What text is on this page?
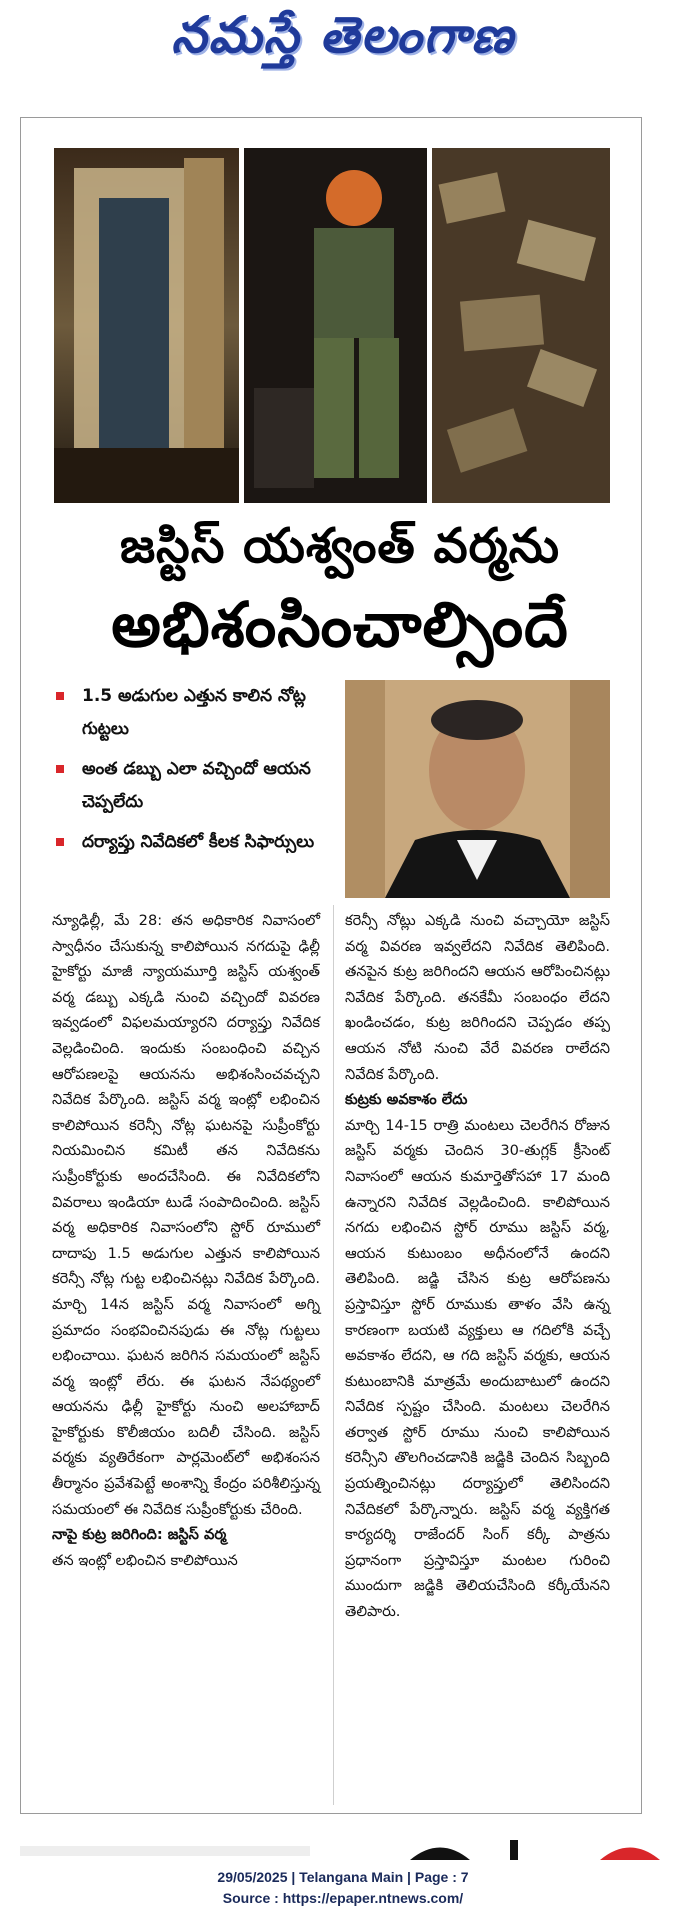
నమస్తే తెలంగాణ
జస్టిస్ యశ్వంత్ వర్మను
అభిశంసించాల్సిందే
1.5 అడుగుల ఎత్తున కాలిన నోట్ల గుట్టలు
అంత డబ్బు ఎలా వచ్చిందో ఆయన చెప్పలేదు
దర్యాప్తు నివేదికలో కీలక సిఫార్సులు

న్యూఢిల్లీ, మే 28: తన అధికారిక నివాసంలో స్వాధీనం చేసుకున్న కాలిపోయిన నగదుపై ఢిల్లీ హైకోర్టు మాజీ న్యాయమూర్తి జస్టిస్ యశ్వంత్ వర్మ డబ్బు ఎక్కడి నుంచి వచ్చిందో వివరణ ఇవ్వడంలో విఫలమయ్యారని దర్యాప్తు నివేదిక వెల్లడించింది. ఇందుకు సంబంధించి వచ్చిన ఆరోపణలపై ఆయనను అభిశంసించవచ్చని నివేదిక పేర్కొంది. జస్టిస్ వర్మ ఇంట్లో లభించిన కాలిపోయిన కరెన్సీ నోట్ల ఘటనపై సుప్రీంకోర్టు నియమించిన కమిటీ తన నివేదికను సుప్రీంకోర్టుకు అందచేసింది. ఈ నివేదికలోని వివరాలు ఇండియా టుడే సంపాదించింది. జస్టిస్ వర్మ అధికారిక నివాసంలోని స్టోర్ రూములో దాదాపు 1.5 అడుగుల ఎత్తున కాలిపోయిన కరెన్సీ నోట్ల గుట్ట లభించినట్లు నివేదిక పేర్కొంది. మార్చి 14న జస్టిస్ వర్మ నివాసంలో అగ్ని ప్రమాదం సంభవించినపుడు ఈ నోట్ల గుట్టలు లభించాయి. ఘటన జరిగిన సమయంలో జస్టిస్ వర్మ ఇంట్లో లేరు. ఈ ఘటన నేపథ్యంలో ఆయనను ఢిల్లీ హైకోర్టు నుంచి అలహాబాద్ హైకోర్టుకు కొలీజియం బదిలీ చేసింది. జస్టిస్ వర్మకు వ్యతిరేకంగా పార్లమెంట్‌లో అభిశంసన తీర్మానం ప్రవేశపెట్టే అంశాన్ని కేంద్రం పరిశీలిస్తున్న సమయంలో ఈ నివేదిక సుప్రీంకోర్టుకు చేరింది.

నాపై కుట్ర జరిగింది: జస్టిస్ వర్మ

తన ఇంట్లో లభించిన కాలిపోయిన

కరెన్సీ నోట్లు ఎక్కడి నుంచి వచ్చాయో జస్టిస్ వర్మ వివరణ ఇవ్వలేదని నివేదిక తెలిపింది. తనపైన కుట్ర జరిగిందని ఆయన ఆరోపించినట్లు నివేదిక పేర్కొంది. తనకేమీ సంబంధం లేదని ఖండించడం, కుట్ర జరిగిందని చెప్పడం తప్ప ఆయన నోటి నుంచి వేరే వివరణ రాలేదని నివేదిక పేర్కొంది.

కుట్రకు అవకాశం లేదు

మార్చి 14-15 రాత్రి మంటలు చెలరేగిన రోజున జస్టిస్ వర్మకు చెందిన 30-తుగ్లక్ క్రీసెంట్ నివాసంలో ఆయన కుమార్తెతోసహా 17 మంది ఉన్నారని నివేదిక వెల్లడించింది. కాలిపోయిన నగదు లభించిన స్టోర్ రూము జస్టిస్ వర్మ, ఆయన కుటుంబం అధీనంలోనే ఉందని తెలిపింది. జడ్జి చేసిన కుట్ర ఆరోపణను ప్రస్తావిస్తూ స్టోర్ రూముకు తాళం వేసి ఉన్న కారణంగా బయటి వ్యక్తులు ఆ గదిలోకి వచ్చే అవకాశం లేదని, ఆ గది జస్టిస్ వర్మకు, ఆయన కుటుంబానికి మాత్రమే అందుబాటులో ఉందని నివేదిక స్పష్టం చేసింది. మంటలు చెలరేగిన తర్వాత స్టోర్ రూము నుంచి కాలిపోయిన కరెన్సీని తొలగించడానికి జడ్జికి చెందిన సిబ్బంది ప్రయత్నించినట్లు దర్యాప్తులో తెలిసిందని నివేదికలో పేర్కొన్నారు. జస్టిస్ వర్మ వ్యక్తిగత కార్యదర్శి రాజేందర్ సింగ్ కర్కీ పాత్రను ప్రధానంగా ప్రస్తావిస్తూ మంటల గురించి ముందుగా జడ్జికి తెలియచేసింది కర్కీయేనని తెలిపారు.

29/05/2025 | Telangana Main | Page : 7
Source : https://epaper.ntnews.com/
